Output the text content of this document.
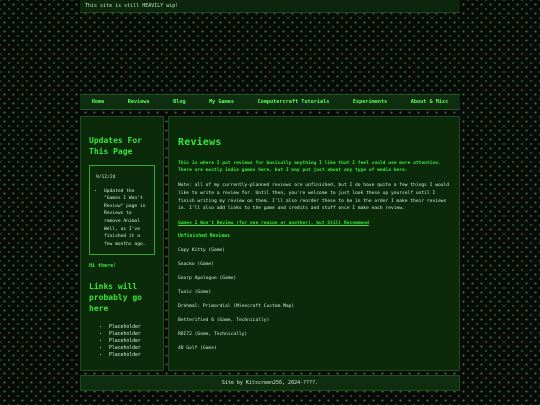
This site is still HEAVILY wip!
Home	Reviews	Blog	My Games	Computercraft Tutorials	Experiments	About & Misc
Updates For This Page
9/12/24
• Updated the "Games I Won't Review" page in Reviews to remove Animal Well, as I've finished it a few months ago.

Hi there!

Links will probably go here
• Placeholder
• Placeholder
• Placeholder
• Placeholder
• Placeholder
Reviews

This is where I put reviews for basically anything I like that I feel could use more attention. There are mostly indie games here, but I may put just about any type of media here.

Note: all of my currently-planned reviews are unfinished, but I do have quite a few things I would like to write a review for. Until then, you're welcome to just look these up yourself until I finish writing my review on them. I'll also reorder these to be in the order I make their reviews in. I'll also add links to the game and credits and stuff once I make each review.

Games I Won't Review (for one reason or another), but Still Recommend

Unfinished Reviews

Copy Kitty (Game)

Snacko (Game)

Gnorp Apologue (Game)

Tunic (Game)

Drehmal: Primordial (Minecraft Custom Map)

Betterified 6 (Game, Technically)

RDI72 (Game, Technically)

4D Golf (Game)

Site by Kitscreen256, 2024-????.
